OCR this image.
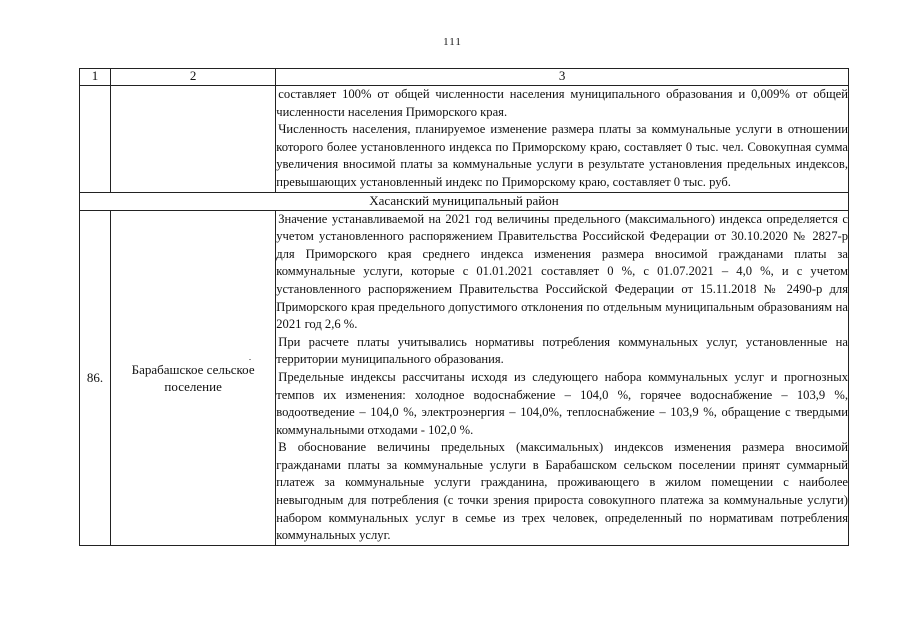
111
1	2	3

		составляет 100% от общей численности населения муниципального образования и 0,009% от общей численности населения Приморского края.

Численность населения, планируемое изменение размера платы за коммунальные услуги в отношении которого более установленного индекса по Приморскому краю, составляет 0 тыс. чел. Совокупная сумма увеличения вносимой платы за коммунальные услуги в результате установления предельных индексов, превышающих установленный индекс по Приморскому краю, составляет 0 тыс. руб.

Хасанский муниципальный район		
86.	Барабашское сельское поселение	Значение устанавливаемой на 2021 год величины предельного (максимального) индекса определяется с учетом установленного распоряжением Правительства Российской Федерации от 30.10.2020 № 2827-р для Приморского края среднего индекса изменения размера вносимой гражданами платы за коммунальные услуги, которые с 01.01.2021 составляет 0 %, с 01.07.2021 – 4,0 %, и с учетом установленного распоряжением Правительства Российской Федерации от 15.11.2018 № 2490-р для Приморского края предельного допустимого отклонения по отдельным муниципальным образованиям на 2021 год 2,6 %.

При расчете платы учитывались нормативы потребления коммунальных услуг, установленные на территории муниципального образования.

Предельные индексы рассчитаны исходя из следующего набора коммунальных услуг и прогнозных темпов их изменения: холодное водоснабжение – 104,0 %, горячее водоснабжение – 103,9 %, водоотведение – 104,0 %, электроэнергия – 104,0%, теплоснабжение – 103,9 %, обращение с твердыми коммунальными отходами - 102,0 %.

В обоснование величины предельных (максимальных) индексов изменения размера вносимой гражданами платы за коммунальные услуги в Барабашском сельском поселении принят суммарный платеж за коммунальные услуги гражданина, проживающего в жилом помещении с наиболее невыгодным для потребления (с точки зрения прироста совокупного платежа за коммунальные услуги) набором коммунальных услуг в семье из трех человек, определенный по нормативам потребления коммунальных услуг.
